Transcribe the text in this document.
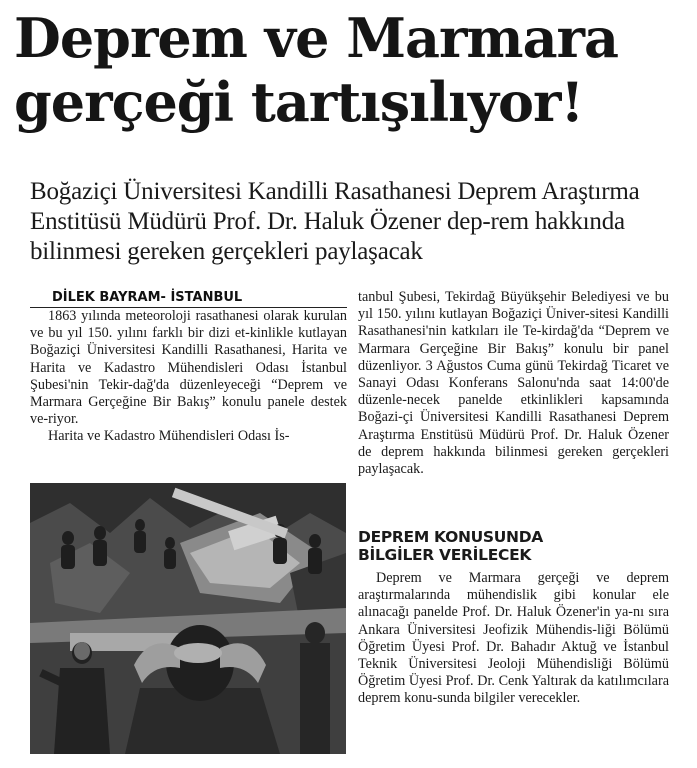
Deprem ve Marmara
gerçeği tartışılıyor!

Boğaziçi Üniversitesi Kandilli Rasathanesi Deprem Araştırma Enstitüsü Müdürü Prof. Dr. Haluk Özener dep-rem hakkında bilinmesi gereken gerçekleri paylaşacak

DİLEK BAYRAM- İSTANBUL

1863 yılında meteoroloji rasathanesi olarak kurulan ve bu yıl 150. yılını farklı bir dizi et-kinlikle kutlayan Boğaziçi Üniversitesi Kandilli Rasathanesi, Harita ve Harita ve Kadastro Mühendisleri Odası İstanbul Şubesi'nin Tekir-dağ'da düzenleyeceği “Deprem ve Marmara Gerçeğine Bir Bakış” konulu panele destek ve-riyor.

Harita ve Kadastro Mühendisleri Odası İs-

tanbul Şubesi, Tekirdağ Büyükşehir Belediyesi ve bu yıl 150. yılını kutlayan Boğaziçi Üniver-sitesi Kandilli Rasathanesi'nin katkıları ile Te-kirdağ'da “Deprem ve Marmara Gerçeğine Bir Bakış” konulu bir panel düzenliyor. 3 Ağustos Cuma günü Tekirdağ Ticaret ve Sanayi Odası Konferans Salonu'nda saat 14:00'de düzenle-necek panelde etkinlikleri kapsamında Boğazi-çi Üniversitesi Kandilli Rasathanesi Deprem Araştırma Enstitüsü Müdürü Prof. Dr. Haluk Özener de deprem hakkında bilinmesi gereken gerçekleri paylaşacak.

DEPREM KONUSUNDA
BİLGİLER VERİLECEK

Deprem ve Marmara gerçeği ve deprem araştırmalarında mühendislik gibi konular ele alınacağı panelde Prof. Dr. Haluk Özener'in ya-nı sıra Ankara Üniversitesi Jeofizik Mühendis-liği Bölümü Öğretim Üyesi Prof. Dr. Bahadır Aktuğ ve İstanbul Teknik Üniversitesi Jeoloji Mühendisliği Bölümü Öğretim Üyesi Prof. Dr. Cenk Yaltırak da katılımcılara deprem konu-sunda bilgiler verecekler.
